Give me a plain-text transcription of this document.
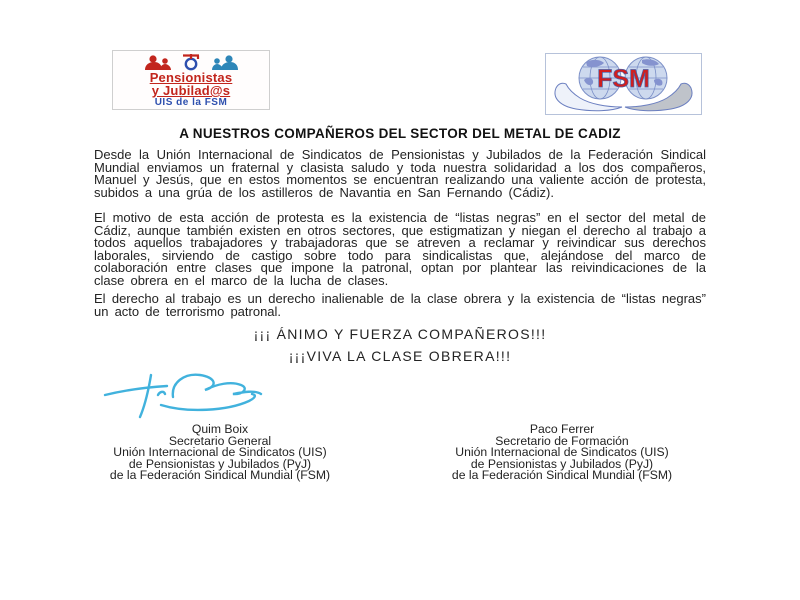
Pensionistas
y Jubilad@s
UIS de la FSM
FSM
A NUESTROS COMPAÑEROS DEL SECTOR DEL METAL DE CADIZ

Desde la Unión Internacional de Sindicatos de Pensionistas y Jubilados de la Federación Sindical Mundial enviamos un fraternal y clasista saludo y toda nuestra solidaridad a los dos compañeros, Manuel y Jesús, que en estos momentos se encuentran realizando una valiente acción de protesta, subidos a una grúa de los astilleros de Navantia en San Fernando (Cádiz).

El motivo de esta acción de protesta es la existencia de “listas negras” en el sector del metal de Cádiz, aunque también existen en otros sectores, que estigmatizan y niegan el derecho al trabajo a todos aquellos trabajadores y trabajadoras que se atreven a reclamar y reivindicar sus derechos laborales, sirviendo de castigo sobre todo para sindicalistas que, alejándose del marco de colaboración entre clases que impone la patronal, optan por plantear las reivindicaciones de la clase obrera en el marco de la lucha de clases.

El derecho al trabajo es un derecho inalienable de la clase obrera y la existencia de “listas negras” un acto de terrorismo patronal.

¡¡¡ ÁNIMO Y FUERZA COMPAÑEROS!!!
¡¡¡VIVA LA CLASE OBRERA!!!
Quim Boix
Secretario General
Unión Internacional de Sindicatos (UIS)
de Pensionistas y Jubilados (PyJ)
de la Federación Sindical Mundial (FSM)
Paco Ferrer
Secretario de Formación
Unión Internacional de Sindicatos (UIS)
de Pensionistas y Jubilados (PyJ)
de la Federación Sindical Mundial (FSM)
